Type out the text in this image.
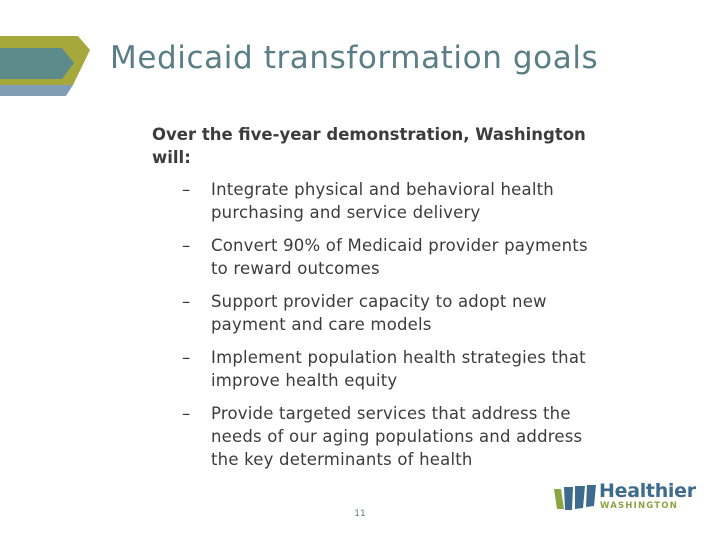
Medicaid transformation goals
Over the five-year demonstration, Washington will:
– Integrate physical and behavioral health purchasing and service delivery
– Convert 90% of Medicaid provider payments to reward outcomes
– Support provider capacity to adopt new payment and care models
– Implement population health strategies that improve health equity
– Provide targeted services that address the needs of our aging populations and address the key determinants of health
11
Healthier
WASHINGTON
